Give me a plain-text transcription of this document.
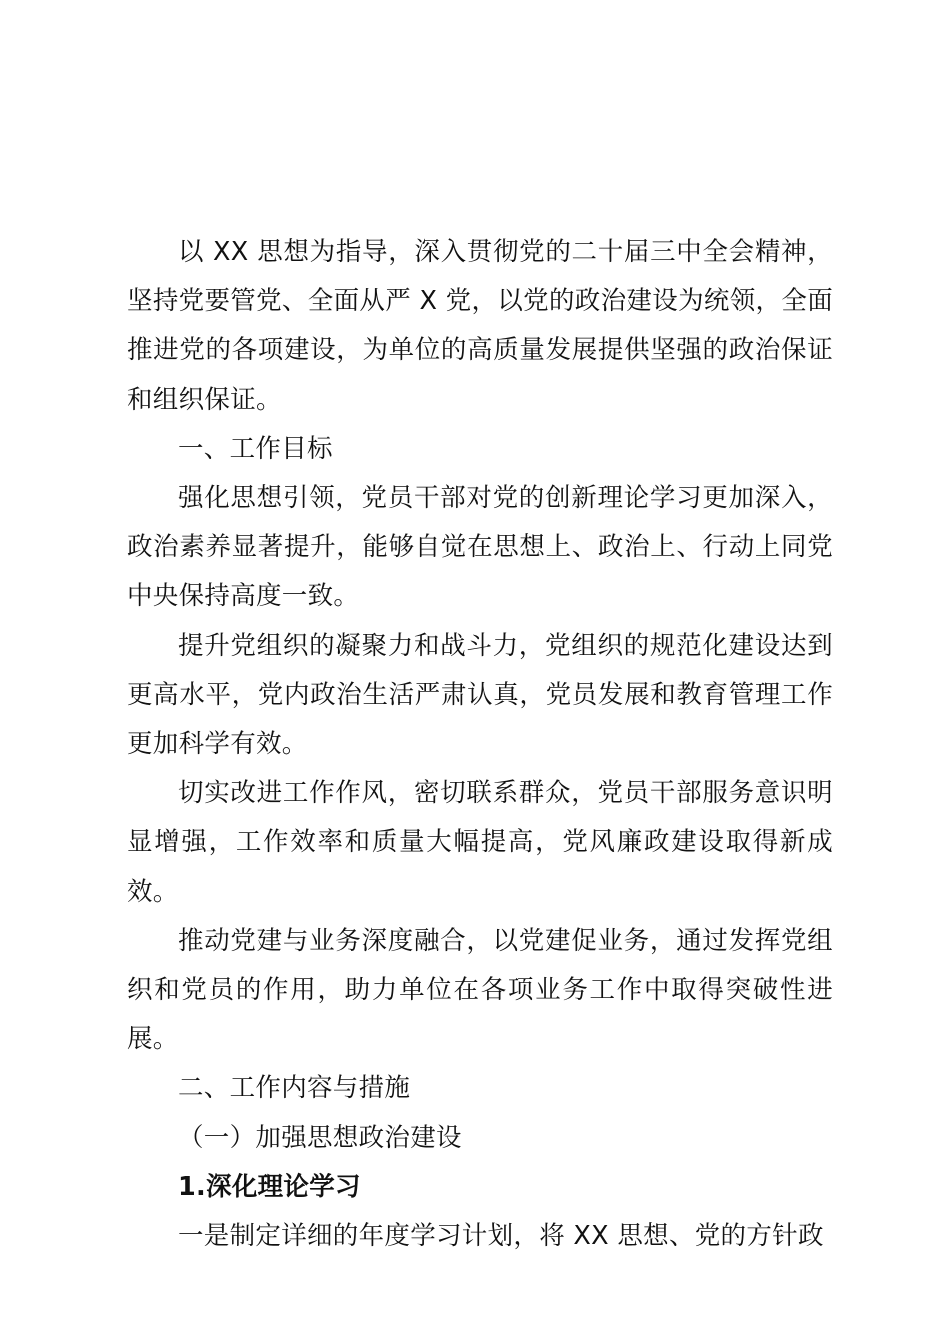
以 XX 思想为指导，深入贯彻党的二十届三中全会精神，坚持党要管党、全面从严 X 党，以党的政治建设为统领，全面推进党的各项建设，为单位的高质量发展提供坚强的政治保证和组织保证。

一、工作目标

强化思想引领，党员干部对党的创新理论学习更加深入，政治素养显著提升，能够自觉在思想上、政治上、行动上同党中央保持高度一致。

提升党组织的凝聚力和战斗力，党组织的规范化建设达到更高水平，党内政治生活严肃认真，党员发展和教育管理工作更加科学有效。

切实改进工作作风，密切联系群众，党员干部服务意识明显增强，工作效率和质量大幅提高，党风廉政建设取得新成效。

推动党建与业务深度融合，以党建促业务，通过发挥党组织和党员的作用，助力单位在各项业务工作中取得突破性进展。

二、工作内容与措施

（一）加强思想政治建设

1.深化理论学习

一是制定详细的年度学习计划，将 XX 思想、党的方针政
